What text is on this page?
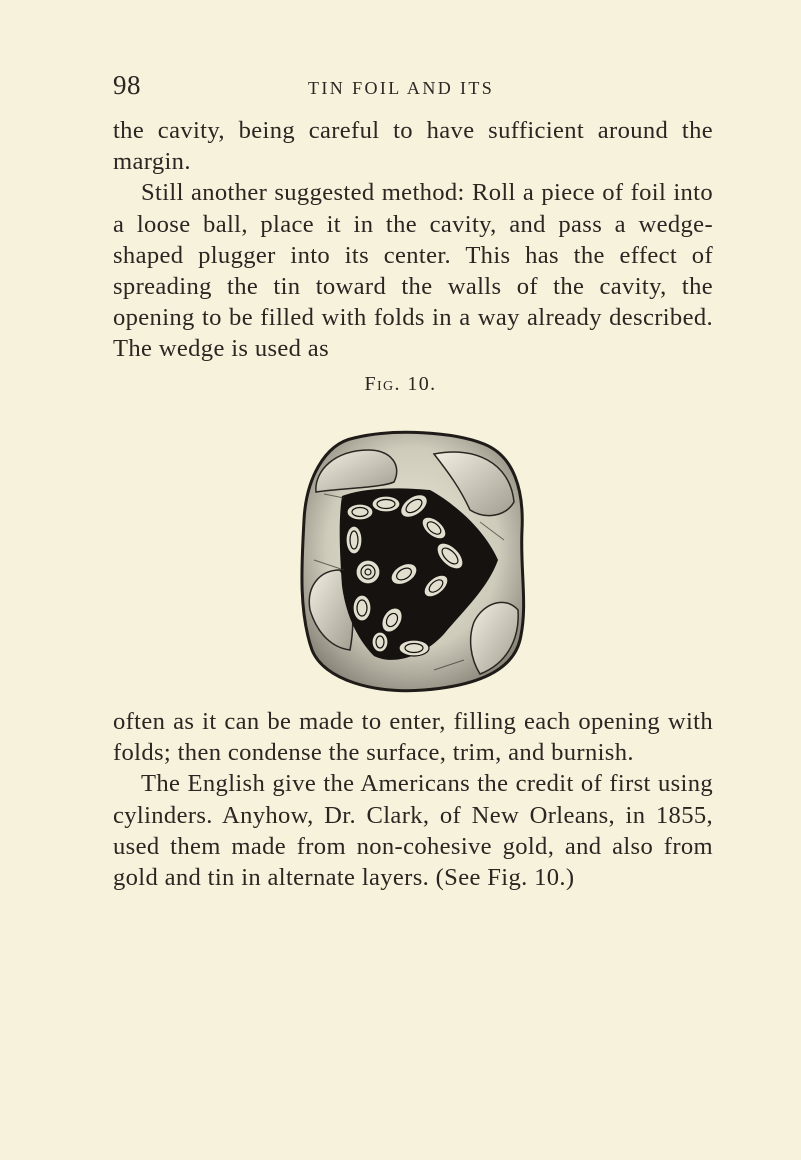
98	TIN FOIL AND ITS

the cavity, being careful to have sufficient around the margin.

Still another suggested method: Roll a piece of foil into a loose ball, place it in the cavity, and pass a wedge-shaped plugger into its center. This has the effect of spreading the tin toward the walls of the cavity, the opening to be filled with folds in a way already described. The wedge is used as

Fig. 10.

often as it can be made to enter, filling each opening with folds; then condense the surface, trim, and burnish.

The English give the Americans the credit of first using cylinders. Anyhow, Dr. Clark, of New Orleans, in 1855, used them made from non-cohesive gold, and also from gold and tin in alternate layers. (See Fig. 10.)
